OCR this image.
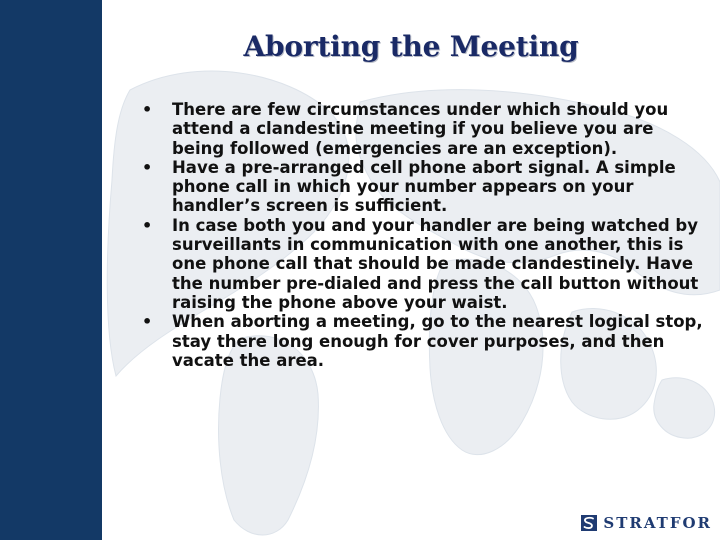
Aborting the Meeting
•	There are few circumstances under which should you attend a clandestine meeting if you believe you are being followed (emergencies are an exception).
•	Have a pre-arranged cell phone abort signal. A simple phone call in which your number appears on your handler’s screen is sufficient.
•	In case both you and your handler are being watched by surveillants in communication with one another, this is one phone call that should be made clandestinely. Have the number pre-dialed and press the call button without raising the phone above your waist.
•	When aborting a meeting, go to the nearest logical stop, stay there long enough for cover purposes, and then vacate the area.
STRATFOR
